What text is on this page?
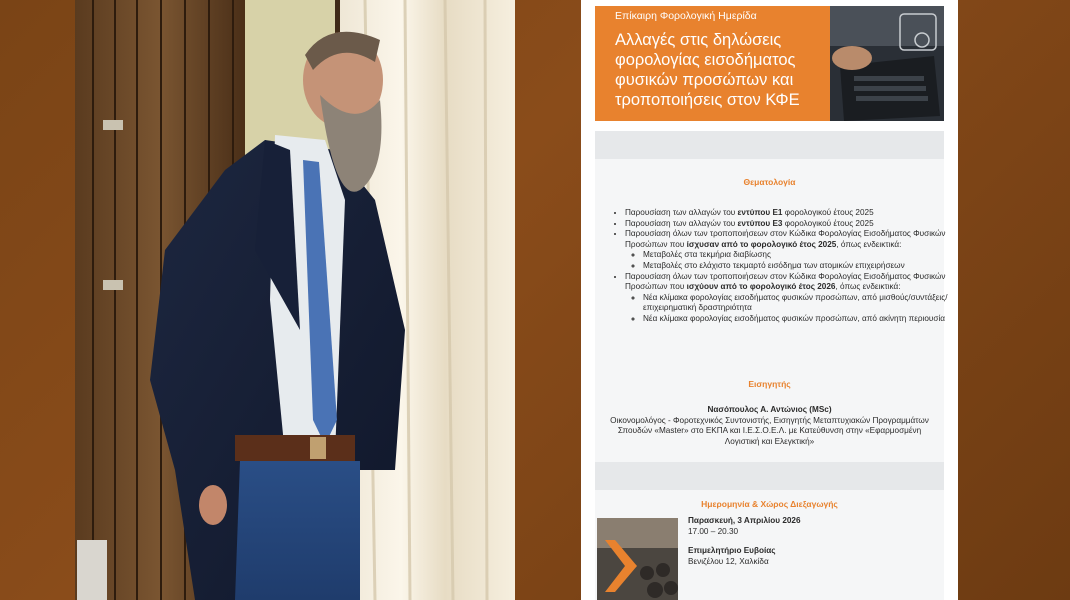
Επίκαιρη Φορολογική Ημερίδα
Αλλαγές στις δηλώσεις φορολογίας εισοδήματος φυσικών προσώπων και τροποποιήσεις στον ΚΦΕ
Θεματολογία
• Παρουσίαση των αλλαγών του εντύπου Ε1 φορολογικού έτους 2025
• Παρουσίαση των αλλαγών του εντύπου Ε3 φορολογικού έτους 2025
• Παρουσίαση όλων των τροποποιήσεων στον Κώδικα Φορολογίας Εισοδήματος Φυσικών Προσώπων που ίσχυσαν από το φορολογικό έτος 2025, όπως ενδεικτικά:
◦ Μεταβολές στα τεκμήρια διαβίωσης
◦ Μεταβολές στο ελάχιστο τεκμαρτό εισόδημα των ατομικών επιχειρήσεων
• Παρουσίαση όλων των τροποποιήσεων στον Κώδικα Φορολογίας Εισοδήματος Φυσικών Προσώπων που ισχύουν από το φορολογικό έτος 2026, όπως ενδεικτικά:
◦ Νέα κλίμακα φορολογίας εισοδήματος φυσικών προσώπων, από μισθούς/συντάξεις/επιχειρηματική δραστηριότητα
◦ Νέα κλίμακα φορολογίας εισοδήματος φυσικών προσώπων, από ακίνητη περιουσία
Εισηγητής
Νασόπουλος Α. Αντώνιος (MSc)
Οικονομολόγος - Φοροτεχνικός Συντονιστής, Εισηγητής Μεταπτυχιακών Προγραμμάτων Σπουδών «Master» στο ΕΚΠΑ και Ι.Ε.Σ.Ο.Ε.Λ. με Κατεύθυνση στην «Εφαρμοσμένη Λογιστική και Ελεγκτική»
Ημερομηνία & Χώρος Διεξαγωγής
Παρασκευή, 3 Απριλίου 2026
17.00 – 20.30
Επιμελητήριο Ευβοίας
Βενιζέλου 12, Χαλκίδα
